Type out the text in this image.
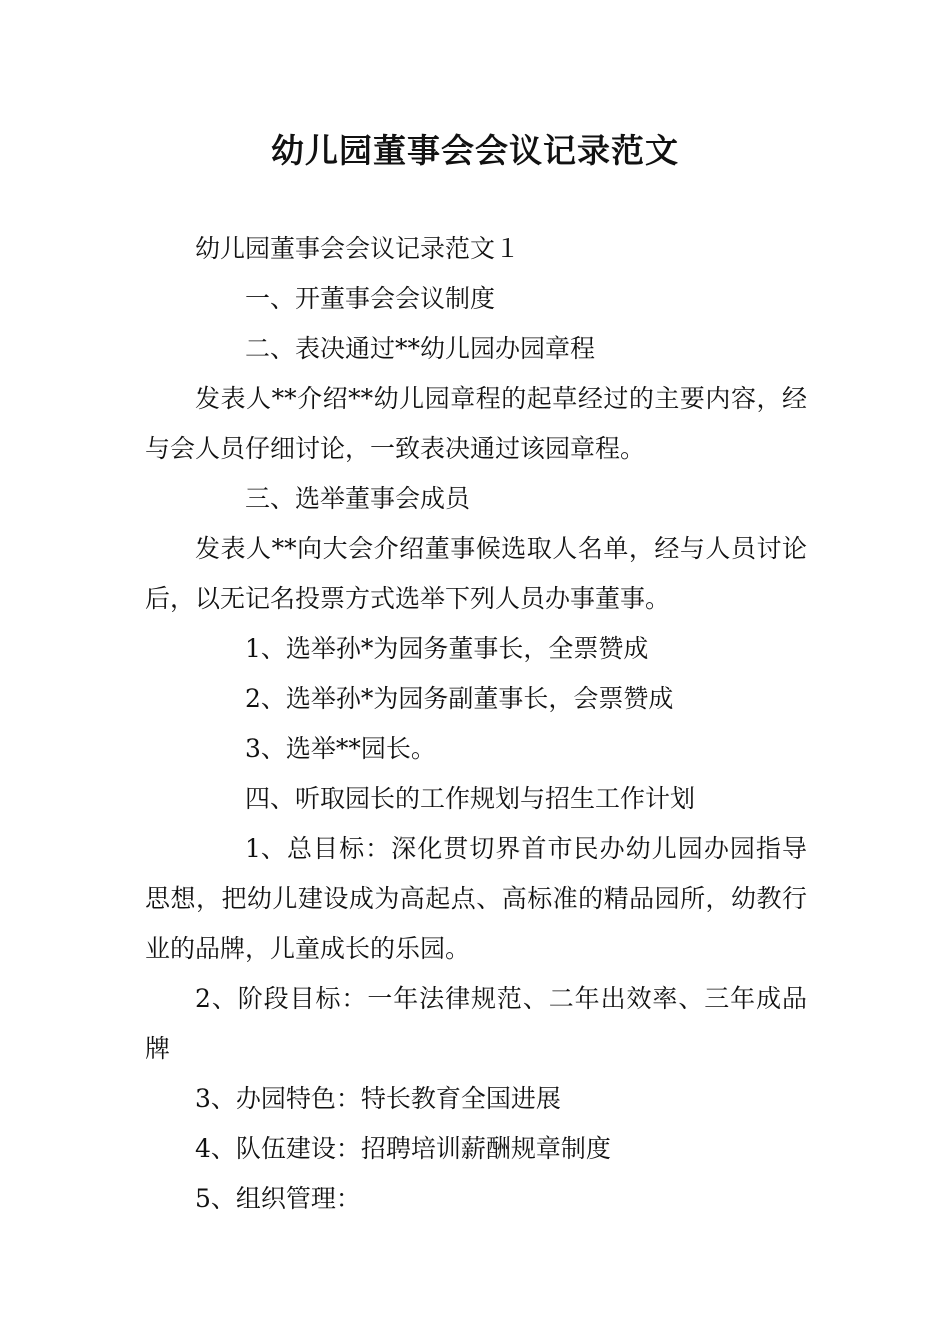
幼儿园董事会会议记录范文

幼儿园董事会会议记录范文１

一、开董事会会议制度

二、表决通过**幼儿园办园章程

发表人**介绍**幼儿园章程的起草经过的主要内容，经与会人员仔细讨论，一致表决通过该园章程。

三、选举董事会成员

发表人**向大会介绍董事候选取人名单，经与人员讨论后，以无记名投票方式选举下列人员办事董事。

1、选举孙*为园务董事长，全票赞成

2、选举孙*为园务副董事长，会票赞成

3、选举**园长。

四、听取园长的工作规划与招生工作计划

1、总目标：深化贯切界首市民办幼儿园办园指导思想，把幼儿建设成为高起点、高标准的精品园所，幼教行业的品牌，儿童成长的乐园。

2、阶段目标：一年法律规范、二年出效率、三年成品牌

3、办园特色：特长教育全国进展

4、队伍建设：招聘培训薪酬规章制度

5、组织管理：
